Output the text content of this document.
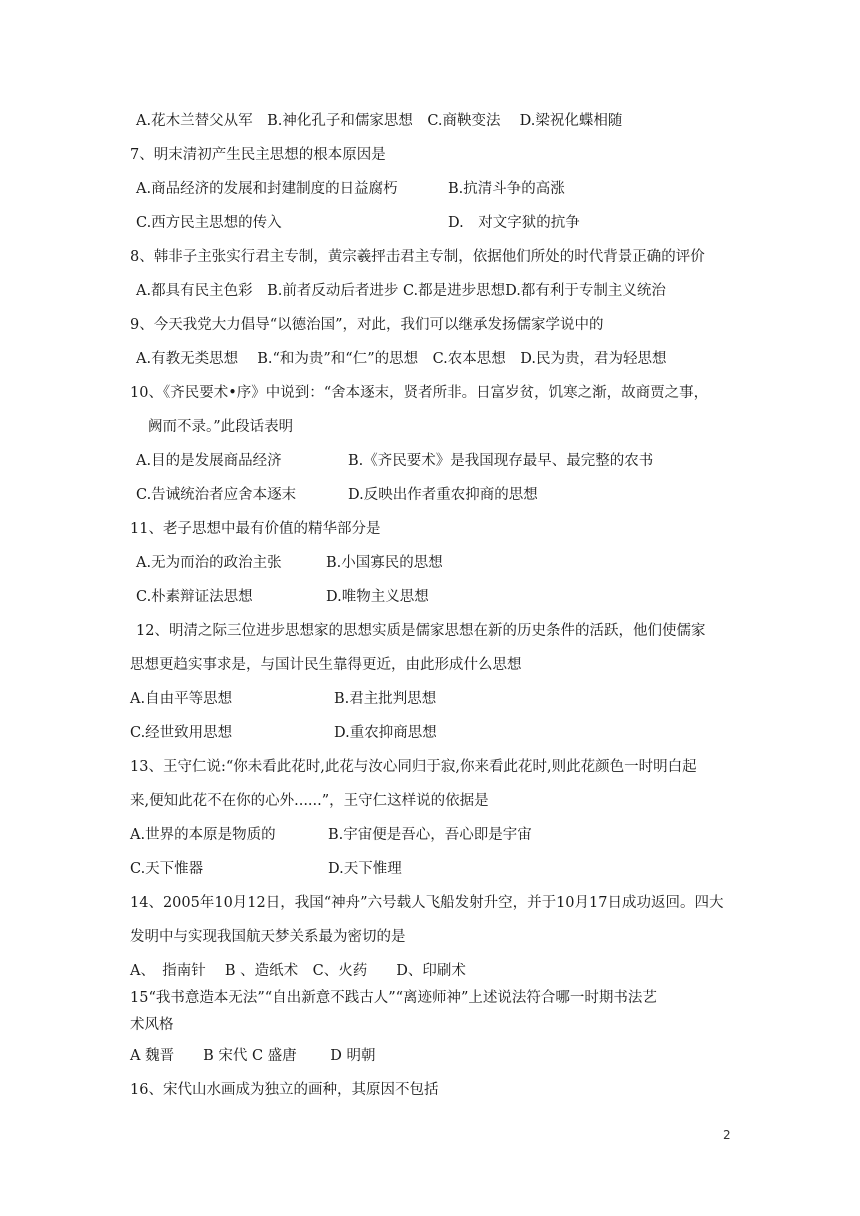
A.花木兰替父从军　B.神化孔子和儒家思想　C.商鞅变法　 D.梁祝化蝶相随
7、明末清初产生民主思想的根本原因是
A.商品经济的发展和封建制度的日益腐朽	B.抗清斗争的高涨
C.西方民主思想的传入	D.　对文字狱的抗争
8、韩非子主张实行君主专制，黄宗羲抨击君主专制，依据他们所处的时代背景正确的评价
A.都具有民主色彩　B.前者反动后者进步 C.都是进步思想D.都有利于专制主义统治
9、今天我党大力倡导“以德治国”，对此，我们可以继承发扬儒家学说中的
A.有教无类思想　 B.“和为贵”和“仁”的思想　C.农本思想　D.民为贵，君为轻思想
10、《齐民要术•序》中说到：“舍本逐末，贤者所非。日富岁贫，饥寒之渐，故商贾之事，
阙而不录。”此段话表明
A.目的是发展商品经济	B.《齐民要术》是我国现存最早、最完整的农书
C.告诫统治者应舍本逐末	D.反映出作者重农抑商的思想
11、老子思想中最有价值的精华部分是
A.无为而治的政治主张	B.小国寡民的思想
C.朴素辩证法思想	D.唯物主义思想
12、明清之际三位进步思想家的思想实质是儒家思想在新的历史条件的活跃，他们使儒家
思想更趋实事求是，与国计民生靠得更近，由此形成什么思想
A.自由平等思想	B.君主批判思想
C.经世致用思想	D.重农抑商思想
13、王守仁说:“你未看此花时,此花与汝心同归于寂,你来看此花时,则此花颜色一时明白起
来,便知此花不在你的心外......”，王守仁这样说的依据是
A.世界的本原是物质的	B.宇宙便是吾心，吾心即是宇宙
C.天下惟器	D.天下惟理
14、2005年10月12日，我国“神舟”六号载人飞船发射升空，并于10月17日成功返回。四大
发明中与实现我国航天梦关系最为密切的是
A、　指南针　 B 、造纸术　C、火药　　D、印刷术
15“我书意造本无法”“自出新意不践古人”“离迹师神”上述说法符合哪一时期书法艺
术风格
A 魏晋　　B 宋代 C 盛唐　　 D 明朝
16、宋代山水画成为独立的画种，其原因不包括
2
